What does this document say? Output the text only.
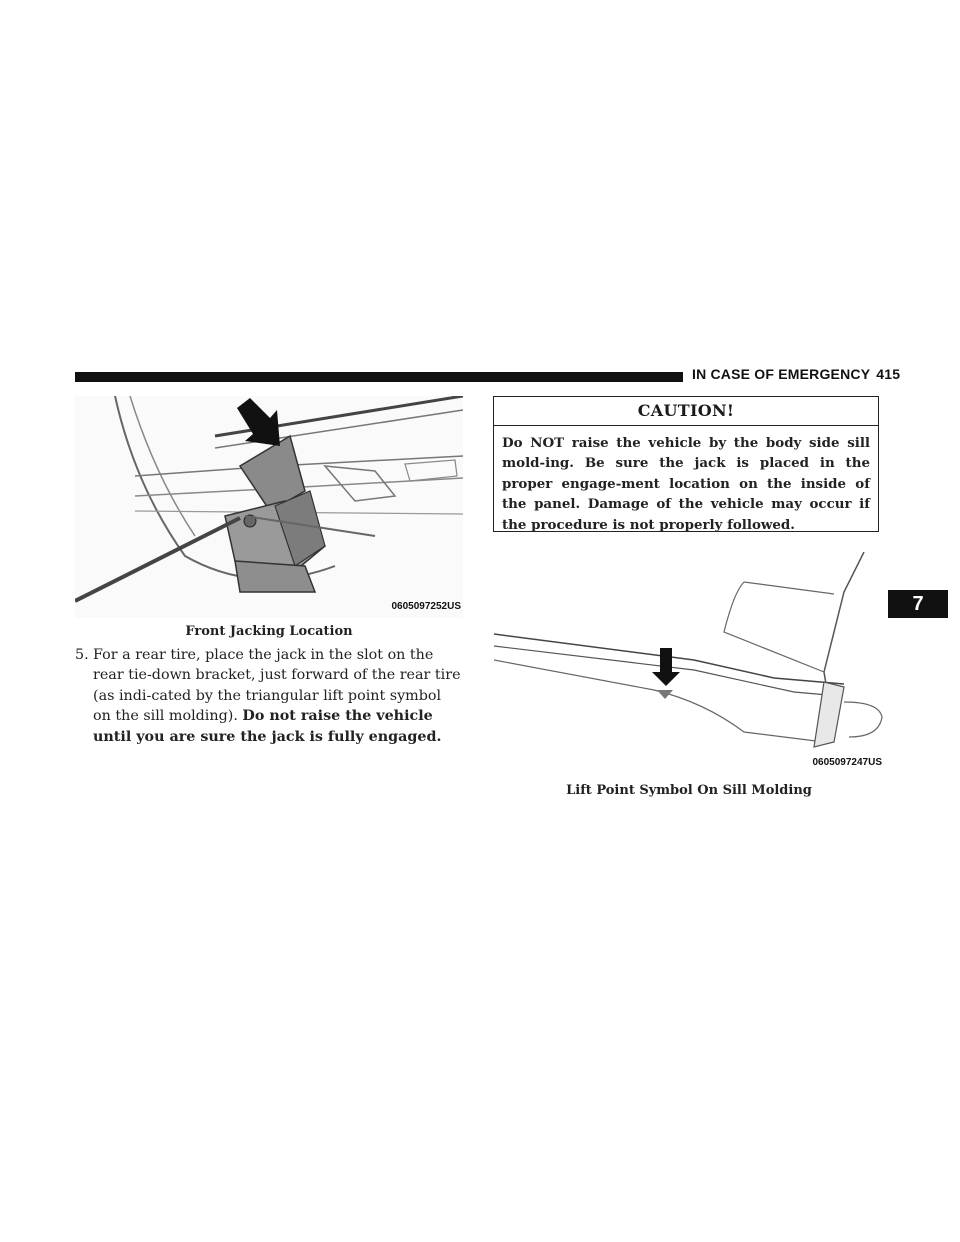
IN CASE OF EMERGENCY 415
7
0605097252US
Front Jacking Location
5. For a rear tire, place the jack in the slot on the rear tie-down bracket, just forward of the rear tire (as indi-cated by the triangular lift point symbol on the sill molding). Do not raise the vehicle until you are sure the jack is fully engaged.
CAUTION!
Do NOT raise the vehicle by the body side sill mold-ing. Be sure the jack is placed in the proper engage-ment location on the inside of the panel. Damage of the vehicle may occur if the procedure is not properly followed.
0605097247US
Lift Point Symbol On Sill Molding
